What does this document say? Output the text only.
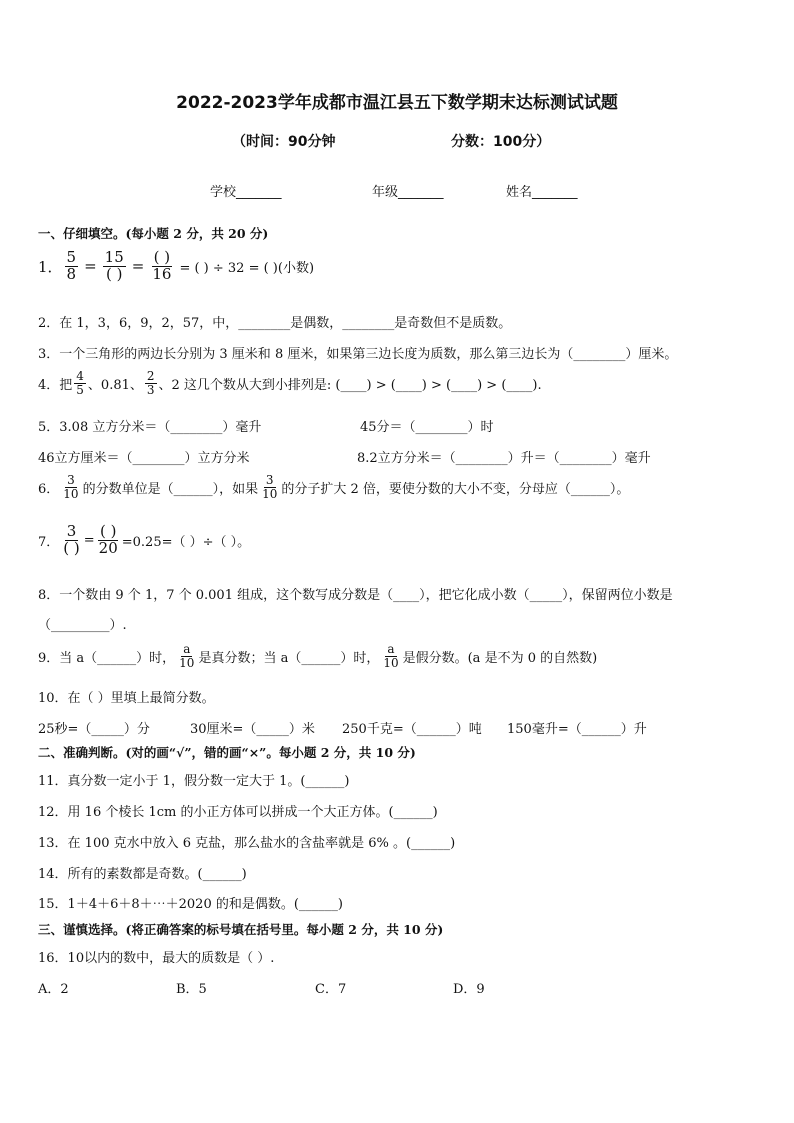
2022-2023学年成都市温江县五下数学期末达标测试试题
（时间：90分钟	分数：100分）
学校_______	年级_______	姓名_______
一、仔细填空。(每小题 2 分，共 20 分)
1． $\frac{5}{8} = \frac{15}{( )} = \frac{( )}{16}$ = ( ) ÷ 32 = ( )(小数)
2．在 1，3，6，9，2，57，中，________是偶数，________是奇数但不是质数。
3．一个三角形的两边长分别为 3 厘米和 8 厘米，如果第三边长度为质数，那么第三边长为（________）厘米。
4．把 $\frac{4}{5}$ 、0.81、 $\frac{2}{3}$ 、2 这几个数从大到小排列是: (____) > (____) > (____) > (____).
5．3.08 立方分米＝（________）毫升	45分＝（________）时
46立方厘米＝（________）立方分米	8.2立方分米＝（________）升＝（________）毫升
6． $\frac{3}{10}$ 的分数单位是（______），如果 $\frac{3}{10}$ 的分子扩大 2 倍，要使分数的大小不变，分母应（______）。
7． $\frac{3}{( )} = \frac{( )}{20} =0.25=$（ ）÷（ ）。
8．一个数由 9 个 1，7 个 0.001 组成，这个数写成分数是（____），把它化成小数（_____），保留两位小数是
（_________）.
9．当 a（______）时， $\frac{a}{10}$ 是真分数；当 a（______）时， $\frac{a}{10}$ 是假分数。(a 是不为 0 的自然数)
10．在（ ）里填上最简分数。
25秒=（_____）分	30厘米=（_____）米 250千克=（______）吨 150毫升=（______）升
二、准确判断。(对的画“√”，错的画“×”。每小题 2 分，共 10 分)
11．真分数一定小于 1，假分数一定大于 1。(______)
12．用 16 个棱长 1cm 的小正方体可以拼成一个大正方体。(______)
13．在 100 克水中放入 6 克盐，那么盐水的含盐率就是 6% 。(______)
14．所有的素数都是奇数。(______)
15．1＋4＋6＋8＋⋯＋2020 的和是偶数。(______)
三、谨慎选择。(将正确答案的标号填在括号里。每小题 2 分，共 10 分)
16．10以内的数中，最大的质数是（ ）.
A．2	B．5	C．7	D．9
